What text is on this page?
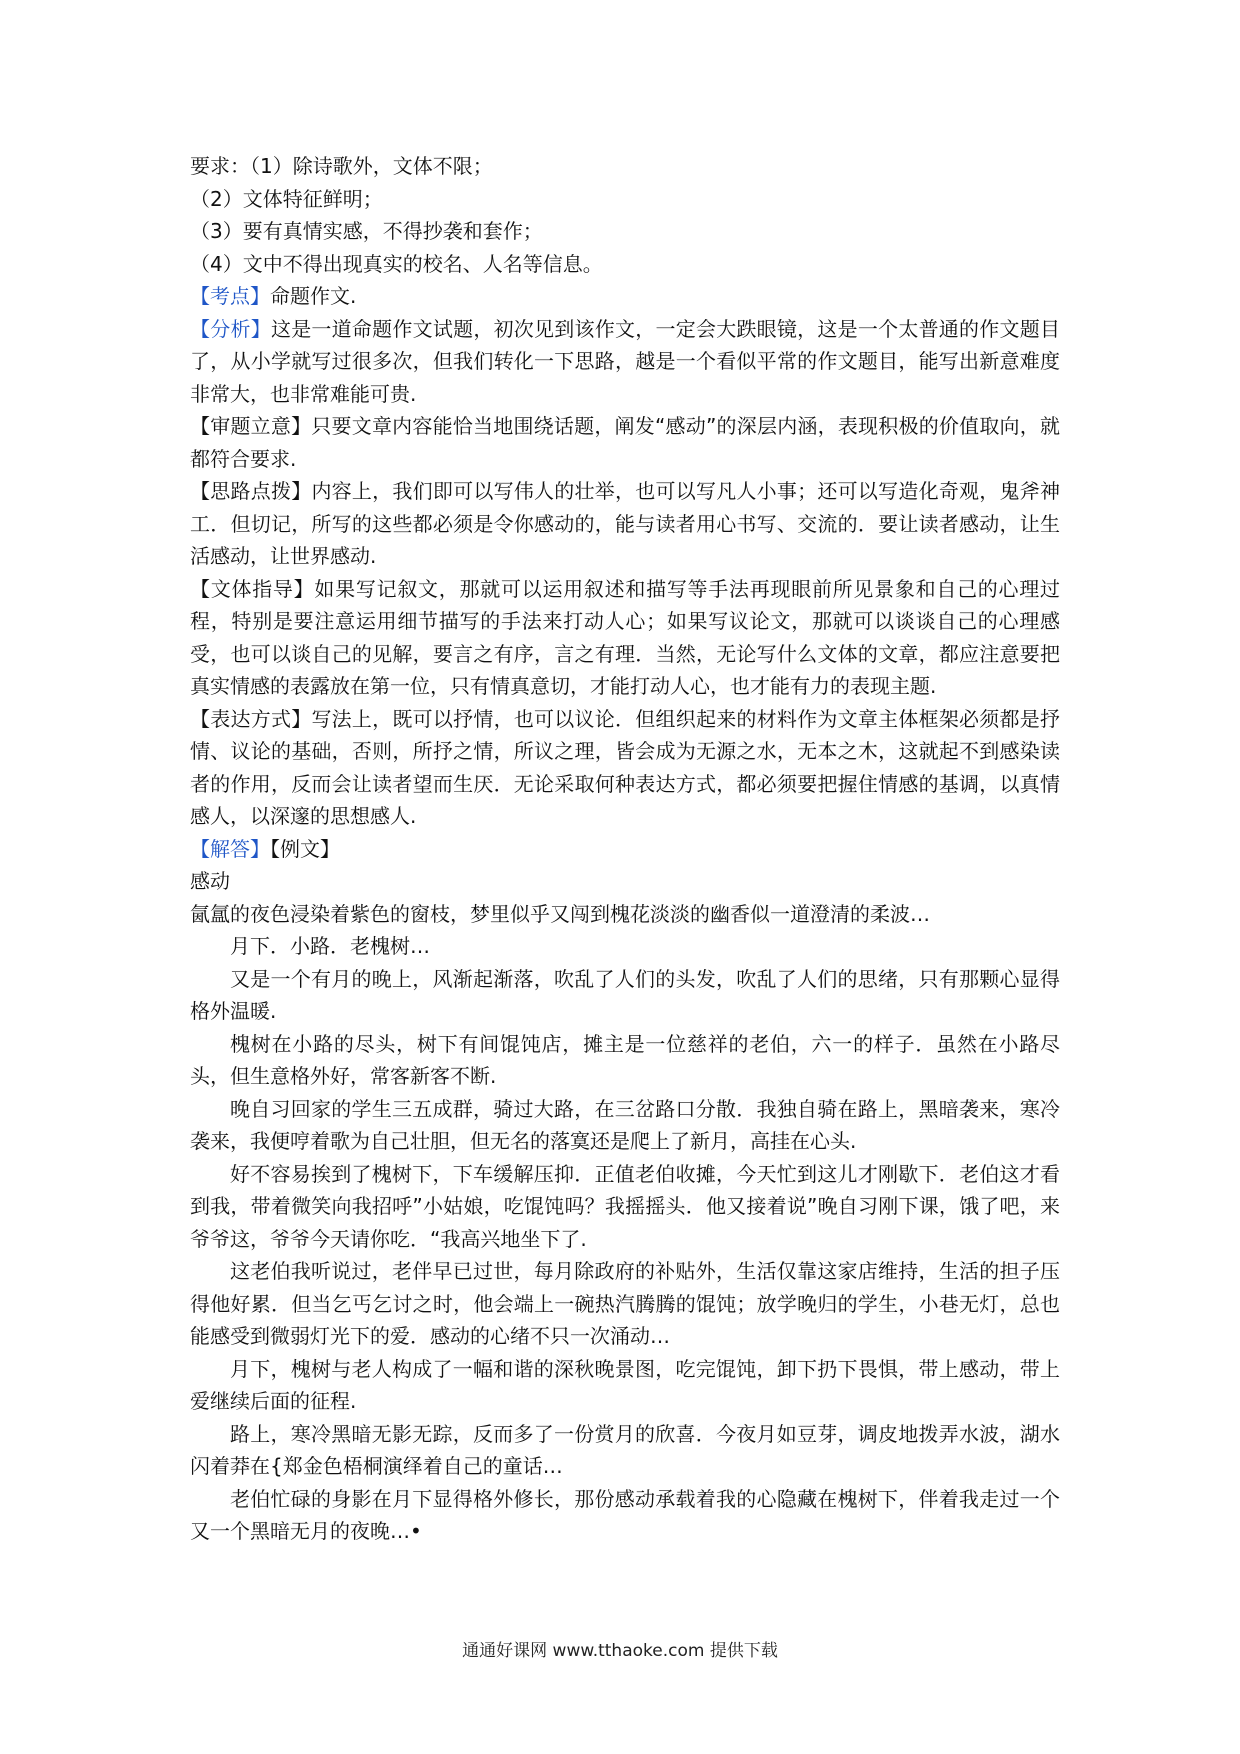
要求：（1）除诗歌外，文体不限；

（2）文体特征鲜明；

（3）要有真情实感，不得抄袭和套作；

（4）文中不得出现真实的校名、人名等信息。

【考点】命题作文.

【分析】这是一道命题作文试题，初次见到该作文，一定会大跌眼镜，这是一个太普通的作文题目了，从小学就写过很多次，但我们转化一下思路，越是一个看似平常的作文题目，能写出新意难度非常大，也非常难能可贵.

【审题立意】只要文章内容能恰当地围绕话题，阐发“感动”的深层内涵，表现积极的价值取向，就都符合要求.

【思路点拨】内容上，我们即可以写伟人的壮举，也可以写凡人小事；还可以写造化奇观，鬼斧神工．但切记，所写的这些都必须是令你感动的，能与读者用心书写、交流的．要让读者感动，让生活感动，让世界感动.

【文体指导】如果写记叙文，那就可以运用叙述和描写等手法再现眼前所见景象和自己的心理过程，特别是要注意运用细节描写的手法来打动人心；如果写议论文，那就可以谈谈自己的心理感受，也可以谈自己的见解，要言之有序，言之有理．当然，无论写什么文体的文章，都应注意要把真实情感的表露放在第一位，只有情真意切，才能打动人心，也才能有力的表现主题.

【表达方式】写法上，既可以抒情，也可以议论．但组织起来的材料作为文章主体框架必须都是抒情、议论的基础，否则，所抒之情，所议之理，皆会成为无源之水，无本之木，这就起不到感染读者的作用，反而会让读者望而生厌．无论采取何种表达方式，都必须要把握住情感的基调，以真情感人，以深邃的思想感人.

【解答】【例文】

感动

氤氲的夜色浸染着紫色的窗枝，梦里似乎又闯到槐花淡淡的幽香似一道澄清的柔波…

月下．小路．老槐树…

又是一个有月的晚上，风渐起渐落，吹乱了人们的头发，吹乱了人们的思绪，只有那颗心显得格外温暖.

槐树在小路的尽头，树下有间馄饨店，摊主是一位慈祥的老伯，六一的样子．虽然在小路尽头，但生意格外好，常客新客不断.

晚自习回家的学生三五成群，骑过大路，在三岔路口分散．我独自骑在路上，黑暗袭来，寒冷袭来，我便哼着歌为自己壮胆，但无名的落寞还是爬上了新月，高挂在心头.

好不容易挨到了槐树下，下车缓解压抑．正值老伯收摊，今天忙到这儿才刚歇下．老伯这才看到我，带着微笑向我招呼”小姑娘，吃馄饨吗？我摇摇头．他又接着说”晚自习刚下课，饿了吧，来爷爷这，爷爷今天请你吃．“我高兴地坐下了.

这老伯我听说过，老伴早已过世，每月除政府的补贴外，生活仅靠这家店维持，生活的担子压得他好累．但当乞丐乞讨之时，他会端上一碗热汽腾腾的馄饨；放学晚归的学生，小巷无灯，总也能感受到微弱灯光下的爱．感动的心绪不只一次涌动…

月下，槐树与老人构成了一幅和谐的深秋晚景图，吃完馄饨，卸下扔下畏惧，带上感动，带上爱继续后面的征程.

路上，寒冷黑暗无影无踪，反而多了一份赏月的欣喜．今夜月如豆芽，调皮地拨弄水波，湖水闪着莽在{郑金色梧桐演绎着自己的童话…

老伯忙碌的身影在月下显得格外修长，那份感动承载着我的心隐藏在槐树下，伴着我走过一个又一个黑暗无月的夜晚…•

通通好课网 www.tthaoke.com 提供下载
